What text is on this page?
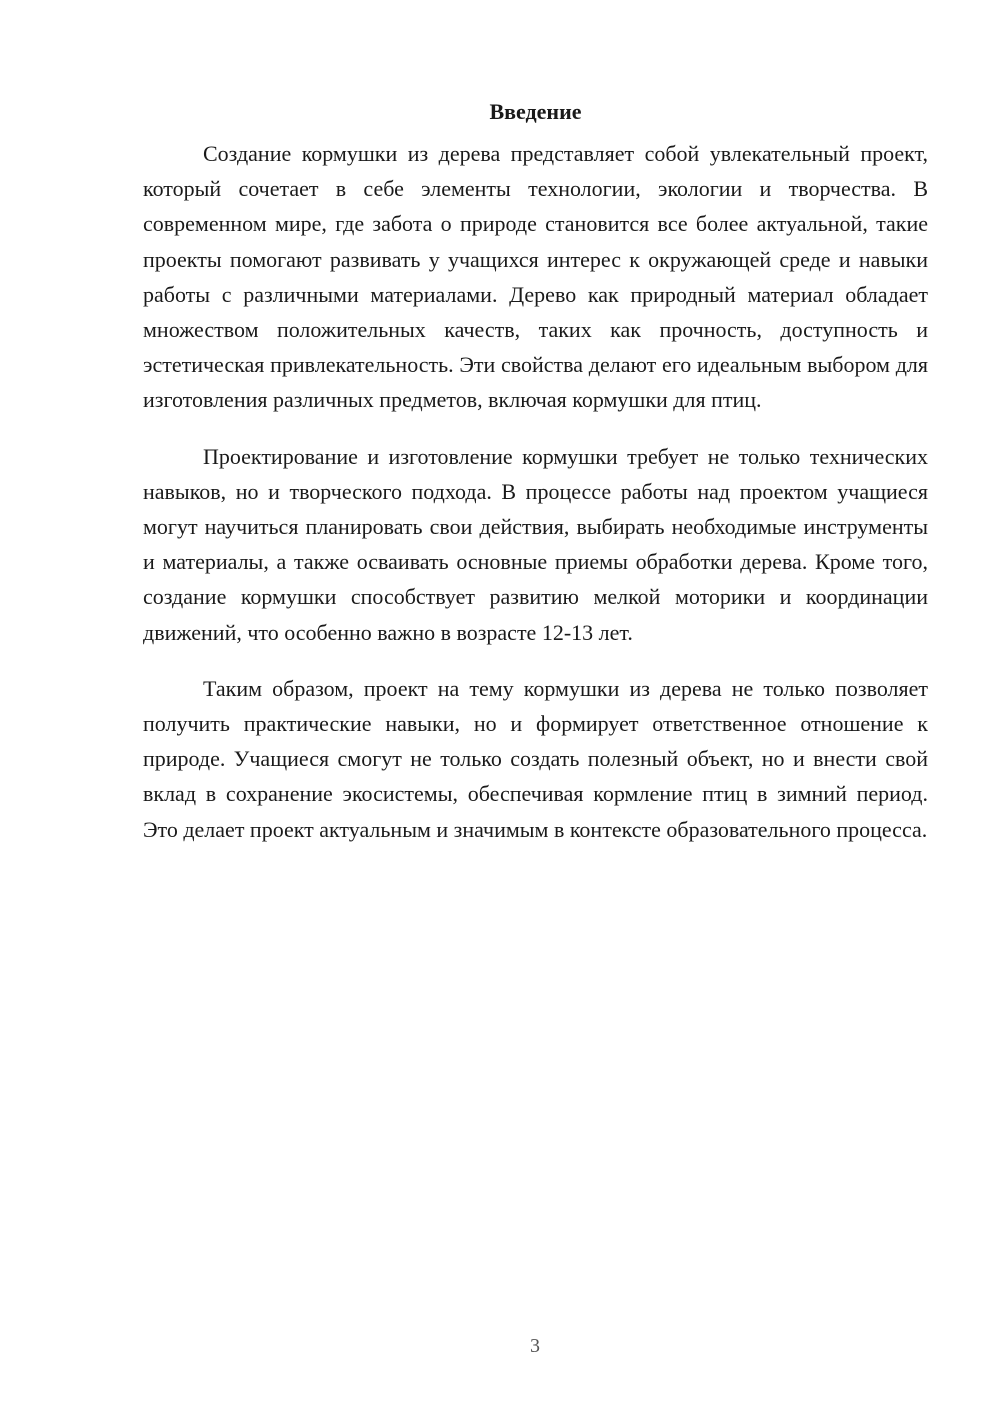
Введение

Создание кормушки из дерева представляет собой увлекательный проект, который сочетает в себе элементы технологии, экологии и творчества. В современном мире, где забота о природе становится все более актуальной, такие проекты помогают развивать у учащихся интерес к окружающей среде и навыки работы с различными материалами. Дерево как природный материал обладает множеством положительных качеств, таких как прочность, доступность и эстетическая привлекательность. Эти свойства делают его идеальным выбором для изготовления различных предметов, включая кормушки для птиц.

Проектирование и изготовление кормушки требует не только технических навыков, но и творческого подхода. В процессе работы над проектом учащиеся могут научиться планировать свои действия, выбирать необходимые инструменты и материалы, а также осваивать основные приемы обработки дерева. Кроме того, создание кормушки способствует развитию мелкой моторики и координации движений, что особенно важно в возрасте 12-13 лет.

Таким образом, проект на тему кормушки из дерева не только позволяет получить практические навыки, но и формирует ответственное отношение к природе. Учащиеся смогут не только создать полезный объект, но и внести свой вклад в сохранение экосистемы, обеспечивая кормление птиц в зимний период. Это делает проект актуальным и значимым в контексте образовательного процесса.

3
